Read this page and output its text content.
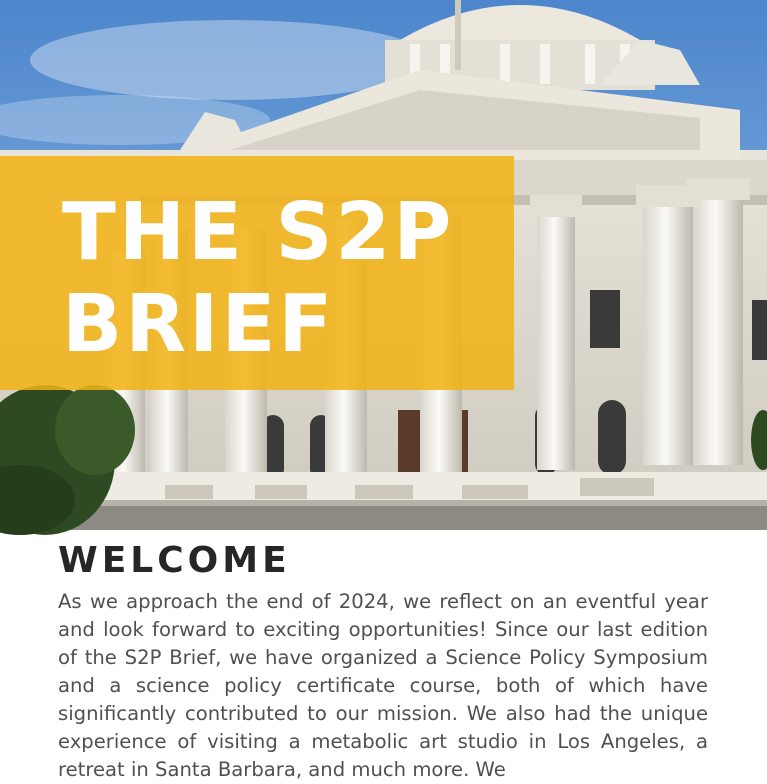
THE S2P
BRIEF
WELCOME

As we approach the end of 2024, we reflect on an eventful year and look forward to exciting opportunities! Since our last edition of the S2P Brief, we have organized a Science Policy Symposium and a science policy certificate course, both of which have significantly contributed to our mission. We also had the unique experience of visiting a metabolic art studio in Los Angeles, a retreat in Santa Barbara, and much more. We
